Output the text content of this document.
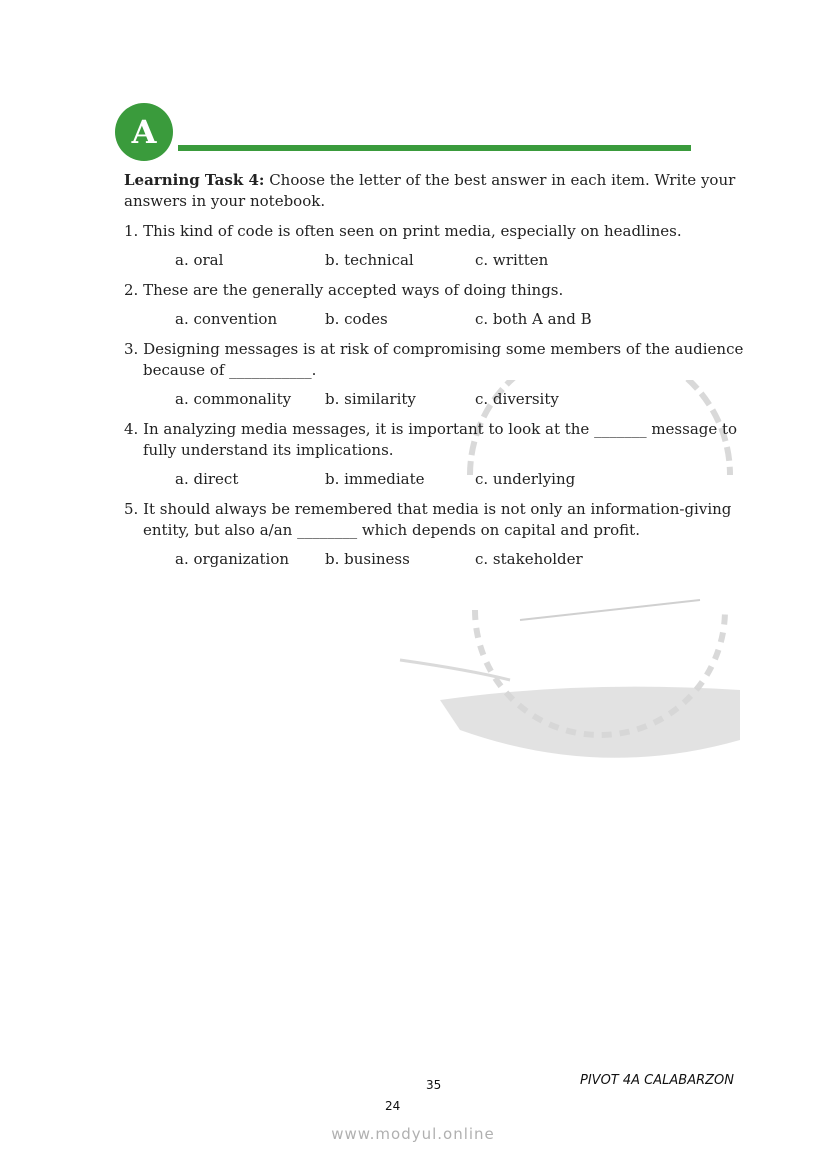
A

Learning Task 4: Choose the letter of the best answer in each item. Write your answers in your notebook.

1. This kind of code is often seen on print media, especially on headlines.

a. oral	b. technical	c. written

2. These are the generally accepted ways of doing things.

a. convention	b. codes	c. both A and B

3. Designing messages is at risk of compromising some members of the audience because of ___________.

a. commonality	b. similarity	c. diversity

4. In analyzing media messages, it is important to look at the _______ message to fully understand its implications.

a. direct	b. immediate	c. underlying

5. It should always be remembered that media is not only an information-giving entity, but also a/an ________ which depends on capital and profit.

a. organization	b. business	c. stakeholder
PIVOT 4A CALABARZON
35
24
www.modyul.online
